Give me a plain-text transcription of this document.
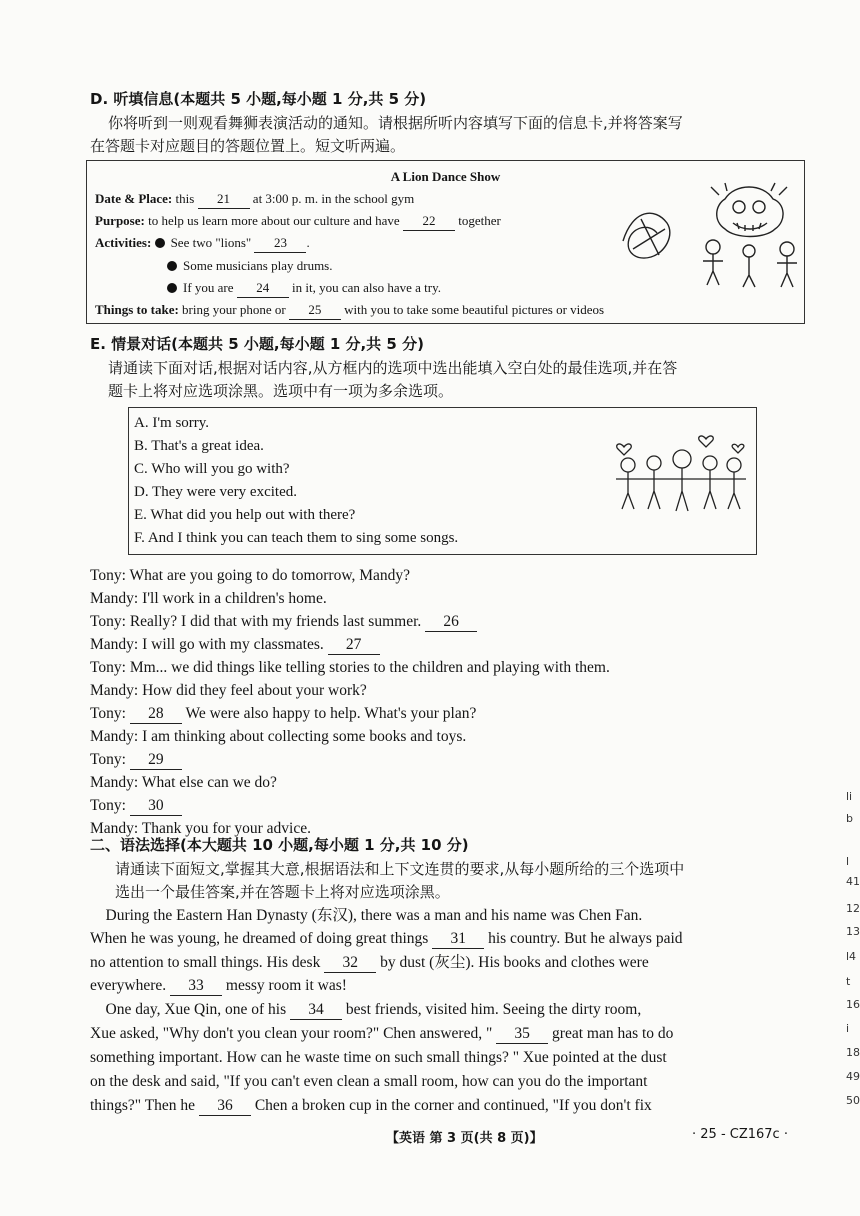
D. 听填信息(本题共 5 小题,每小题 1 分,共 5 分)
你将听到一则观看舞狮表演活动的通知。请根据所听内容填写下面的信息卡,并将答案写
在答题卡对应题目的答题位置上。短文听两遍。
A Lion Dance Show
Date & Place: this 21 at 3:00 p. m. in the school gym
Purpose: to help us learn more about our culture and have 22 together
Activities: See two "lions" 23 .
Some musicians play drums.
If you are 24 in it, you can also have a try.
Things to take: bring your phone or 25 with you to take some beautiful pictures or videos
E. 情景对话(本题共 5 小题,每小题 1 分,共 5 分)
请通读下面对话,根据对话内容,从方框内的选项中选出能填入空白处的最佳选项,并在答
题卡上将对应选项涂黑。选项中有一项为多余选项。
A. I'm sorry.
B. That's a great idea.
C. Who will you go with?
D. They were very excited.
E. What did you help out with there?
F. And I think you can teach them to sing some songs.
Tony: What are you going to do tomorrow, Mandy?
Mandy: I'll work in a children's home.
Tony: Really? I did that with my friends last summer. 26
Mandy: I will go with my classmates. 27
Tony: Mm... we did things like telling stories to the children and playing with them.
Mandy: How did they feel about your work?
Tony: 28 We were also happy to help. What's your plan?
Mandy: I am thinking about collecting some books and toys.
Tony: 29
Mandy: What else can we do?
Tony: 30
Mandy: Thank you for your advice.
二、语法选择(本大题共 10 小题,每小题 1 分,共 10 分)
请通读下面短文,掌握其大意,根据语法和上下文连贯的要求,从每小题所给的三个选项中
选出一个最佳答案,并在答题卡上将对应选项涂黑。
During the Eastern Han Dynasty (东汉), there was a man and his name was Chen Fan.
When he was young, he dreamed of doing great things 31 his country. But he always paid
no attention to small things. His desk 32 by dust (灰尘). His books and clothes were
everywhere. 33 messy room it was!
One day, Xue Qin, one of his 34 best friends, visited him. Seeing the dirty room,
Xue asked, "Why don't you clean your room?" Chen answered, " 35 great man has to do
something important. How can he waste time on such small things? " Xue pointed at the dust
on the desk and said, "If you can't even clean a small room, how can you do the important
things?" Then he 36 Chen a broken cup in the corner and continued, "If you don't fix
【英语 第 3 页(共 8 页)】	· 25 - CZ167c ·
li
b
l
41
12
13
l4
t
16
i
18
49
50
